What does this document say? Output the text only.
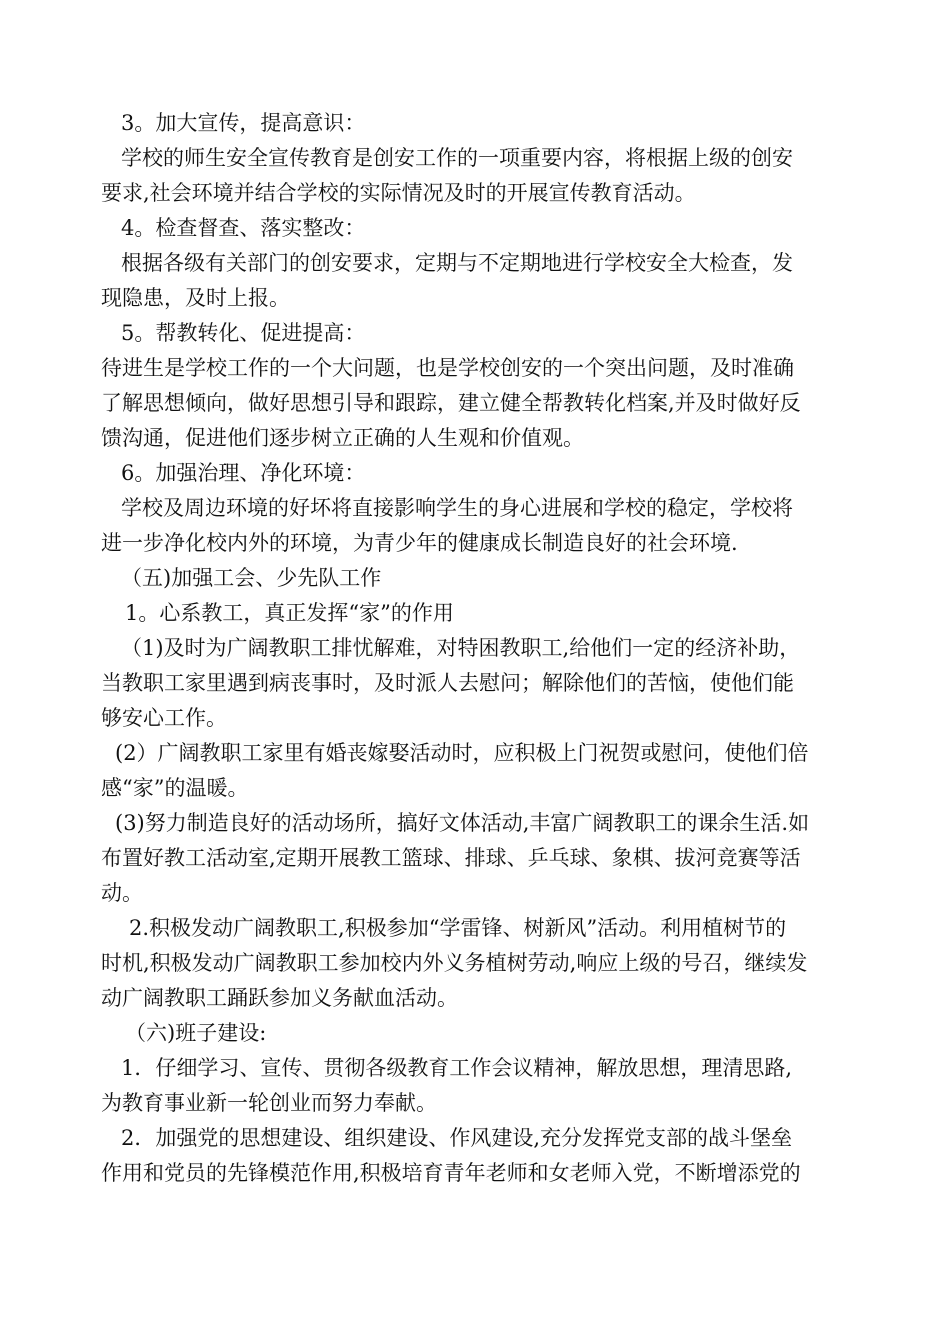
3。加大宣传，提高意识：
学校的师生安全宣传教育是创安工作的一项重要内容，将根据上级的创安
要求,社会环境并结合学校的实际情况及时的开展宣传教育活动。
4。检查督查、落实整改：
根据各级有关部门的创安要求，定期与不定期地进行学校安全大检查，发
现隐患，及时上报。
5。帮教转化、促进提高：
待进生是学校工作的一个大问题，也是学校创安的一个突出问题，及时准确
了解思想倾向，做好思想引导和跟踪，建立健全帮教转化档案,并及时做好反
馈沟通，促进他们逐步树立正确的人生观和价值观。
6。加强治理、净化环境：
学校及周边环境的好坏将直接影响学生的身心进展和学校的稳定，学校将
进一步净化校内外的环境，为青少年的健康成长制造良好的社会环境.
（五)加强工会、少先队工作
1。心系教工，真正发挥“家”的作用
（1)及时为广阔教职工排忧解难，对特困教职工,给他们一定的经济补助，
当教职工家里遇到病丧事时，及时派人去慰问；解除他们的苦恼，使他们能
够安心工作。
(2）广阔教职工家里有婚丧嫁娶活动时，应积极上门祝贺或慰问，使他们倍
感“家”的温暖。
(3)努力制造良好的活动场所，搞好文体活动,丰富广阔教职工的课余生活.如
布置好教工活动室,定期开展教工篮球、排球、乒乓球、象棋、拔河竞赛等活
动。
2.积极发动广阔教职工,积极参加“学雷锋、树新风”活动。利用植树节的
时机,积极发动广阔教职工参加校内外义务植树劳动,响应上级的号召，继续发
动广阔教职工踊跃参加义务献血活动。
（六)班子建设:
1．仔细学习、宣传、贯彻各级教育工作会议精神，解放思想，理清思路,
为教育事业新一轮创业而努力奉献。
2．加强党的思想建设、组织建设、作风建设,充分发挥党支部的战斗堡垒
作用和党员的先锋模范作用,积极培育青年老师和女老师入党，不断增添党的
